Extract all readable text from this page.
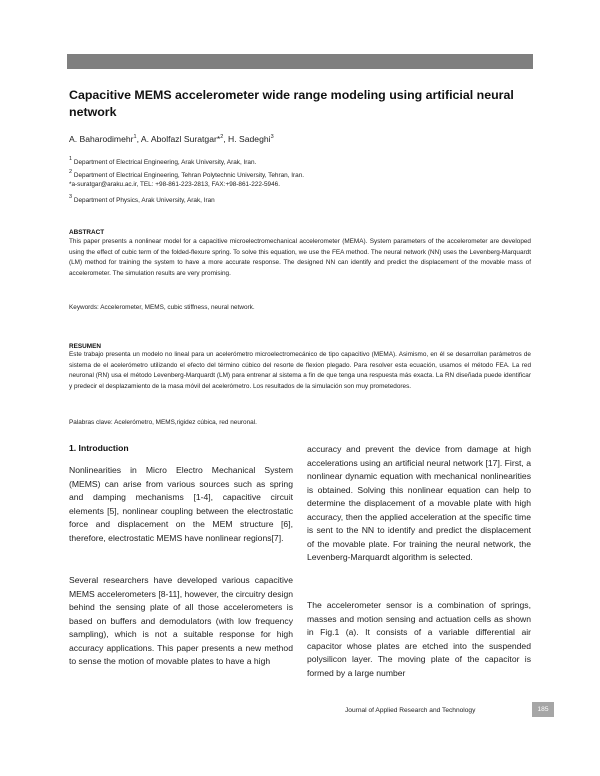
Capacitive MEMS accelerometer wide range modeling using artificial neural network
A. Baharodimehr$^1$, A. Abolfazl Suratgar*$^2$, H. Sadeghi$^3$
$^1$ Department of Electrical Engineering, Arak University, Arak, Iran.
$^2$ Department of Electrical Engineering, Tehran Polytechnic University, Tehran, Iran.
*a-suratgar@araku.ac.ir, TEL: +98-861-223-2813, FAX:+98-861-222-5946.
$^3$ Department of Physics, Arak University, Arak, Iran
ABSTRACT

This paper presents a nonlinear model for a capacitive microelectromechanical accelerometer (MEMA). System parameters of the accelerometer are developed using the effect of cubic term of the folded-flexure spring. To solve this equation, we use the FEA method. The neural network (NN) uses the Levenberg-Marquardt (LM) method for training the system to have a more accurate response. The designed NN can identify and predict the displacement of the movable mass of accelerometer. The simulation results are very promising.

Keywords: Accelerometer, MEMS, cubic stiffness, neural network.
RESUMEN

Este trabajo presenta un modelo no lineal para un acelerómetro microelectromecánico de tipo capacitivo (MEMA). Asimismo, en él se desarrollan parámetros de sistema de el acelerómetro utilizando el efecto del término cúbico del resorte de flexion plegado. Para resolver esta ecuación, usamos el método FEA. La red neuronal (RN) usa el método Levenberg-Marquardt (LM) para entrenar al sistema a fin de que tenga una respuesta más exacta. La RN diseñada puede identificar y predecir el desplazamiento de la masa móvil del acelerómetro. Los resultados de la simulación son muy prometedores.

Palabras clave: Acelerómetro, MEMS,rigidez cúbica, red neuronal.
1. Introduction

Nonlinearities in Micro Electro Mechanical System (MEMS) can arise from various sources such as spring and damping mechanisms [1-4], capacitive circuit elements [5], nonlinear coupling between the electrostatic force and displacement on the MEM structure [6], therefore, electrostatic MEMS have nonlinear regions[7].

Several researchers have developed various capacitive MEMS accelerometers [8-11], however, the circuitry design behind the sensing plate of all those accelerometers is based on buffers and demodulators (with low frequency sampling), which is not a suitable response for high accuracy applications. This paper presents a new method to sense the motion of movable plates to have a high

accuracy and prevent the device from damage at high accelerations using an artificial neural network [17]. First, a nonlinear dynamic equation with mechanical nonlinearities is obtained. Solving this nonlinear equation can help to determine the displacement of a movable plate with high accuracy, then the applied acceleration at the specific time is sent to the NN to identify and predict the displacement of the movable plate. For training the neural network, the Levenberg-Marquardt algorithm is selected.

The accelerometer sensor is a combination of springs, masses and motion sensing and actuation cells as shown in Fig.1 (a). It consists of a variable differential air capacitor whose plates are etched into the suspended polysilicon layer. The moving plate of the capacitor is formed by a large number

Journal of Applied Research and Technology	185
